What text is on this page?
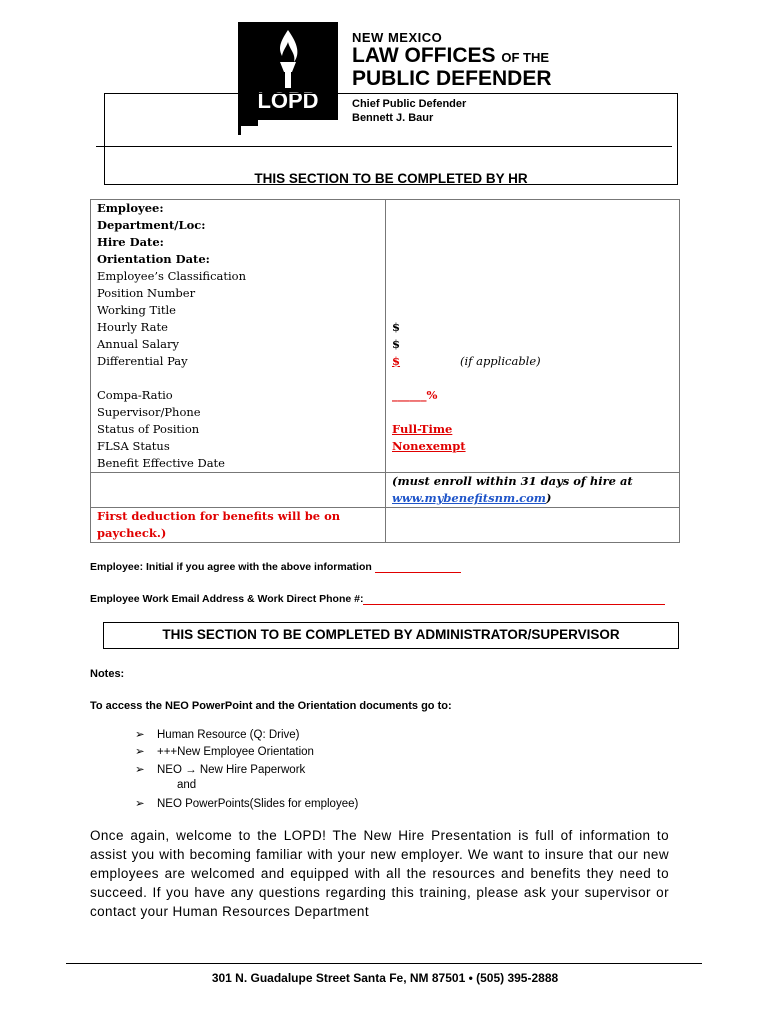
LOPD
NEW MEXICO
LAW OFFICES OF THE
PUBLIC DEFENDER
Chief Public Defender
Bennett J. Baur
THIS SECTION TO BE COMPLETED BY HR
Employee:	
Department/Loc:	
Hire Date:	
Orientation Date:	
Employee’s Classification	
Position Number	
Working Title	
Hourly Rate	$
Annual Salary	$
Differential Pay	$ (if applicable)
Compa-Ratio	______%
Supervisor/Phone	
Status of Position	Full-Time
FLSA Status	Nonexempt
Benefit Effective Date	
	(must enroll within 31 days of hire at
www.mybenefitsnm.com)
First deduction for benefits will be on paycheck.)	
Employee: Initial if you agree with the above information
Employee Work Email Address & Work Direct Phone #:
THIS SECTION TO BE COMPLETED BY ADMINISTRATOR/SUPERVISOR
Notes:
To access the NEO PowerPoint and the Orientation documents go to:
➢ Human Resource (Q: Drive)
➢ +++New Employee Orientation
➢ NEO → New Hire Paperwork
and
➢ NEO PowerPoints(Slides for employee)
Once again, welcome to the LOPD! The New Hire Presentation is full of information to assist you with becoming familiar with your new employer. We want to insure that our new employees are welcomed and equipped with all the resources and benefits they need to succeed. If you have any questions regarding this training, please ask your supervisor or contact your Human Resources Department
301 N. Guadalupe Street Santa Fe, NM 87501 • (505) 395-2888
